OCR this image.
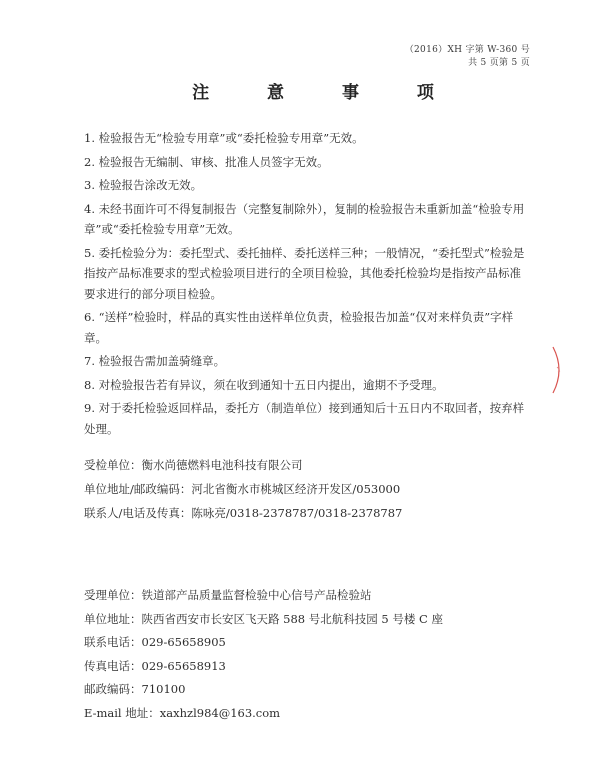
（2016）XH 字第 W-360 号
共 5 页第 5 页
注 意 事 项

1. 检验报告无“检验专用章”或“委托检验专用章”无效。

2. 检验报告无编制、审核、批准人员签字无效。

3. 检验报告涂改无效。

4. 未经书面许可不得复制报告（完整复制除外），复制的检验报告未重新加盖“检验专用章”或“委托检验专用章”无效。

5. 委托检验分为：委托型式、委托抽样、委托送样三种；一般情况，“委托型式”检验是指按产品标准要求的型式检验项目进行的全项目检验，其他委托检验均是指按产品标准要求进行的部分项目检验。

6. “送样”检验时，样品的真实性由送样单位负责，检验报告加盖“仅对来样负责”字样章。

7. 检验报告需加盖骑缝章。

8. 对检验报告若有异议，须在收到通知十五日内提出，逾期不予受理。

9. 对于委托检验返回样品，委托方（制造单位）接到通知后十五日内不取回者，按弃样处理。

受检单位：衡水尚德燃料电池科技有限公司
单位地址/邮政编码：河北省衡水市桃城区经济开发区/053000
联系人/电话及传真：陈咏亮/0318-2378787/0318-2378787
受理单位：铁道部产品质量监督检验中心信号产品检验站
单位地址：陕西省西安市长安区飞天路 588 号北航科技园 5 号楼 C 座
联系电话：029-65658905
传真电话：029-65658913
邮政编码：710100
E-mail 地址：xaxhzl984@163.com
